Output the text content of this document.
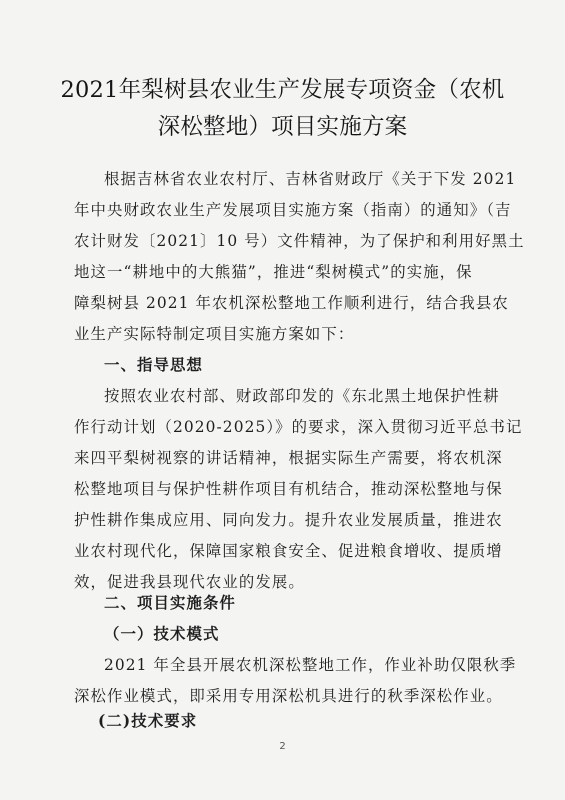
2021年梨树县农业生产发展专项资金（农机
深松整地）项目实施方案

根据吉林省农业农村厅、吉林省财政厅《关于下发 2021
年中央财政农业生产发展项目实施方案（指南）的通知》（吉
农计财发〔2021〕10 号）文件精神，为了保护和利用好黑土
地这一“耕地中的大熊猫”，推进“梨树模式”的实施，保
障梨树县 2021 年农机深松整地工作顺利进行，结合我县农
业生产实际特制定项目实施方案如下：

一、指导思想

按照农业农村部、财政部印发的《东北黑土地保护性耕
作行动计划（2020-2025）》的要求，深入贯彻习近平总书记
来四平梨树视察的讲话精神，根据实际生产需要，将农机深
松整地项目与保护性耕作项目有机结合，推动深松整地与保
护性耕作集成应用、同向发力。提升农业发展质量，推进农
业农村现代化，保障国家粮食安全、促进粮食增收、提质增
效，促进我县现代农业的发展。

二、项目实施条件
（一）技术模式

2021 年全县开展农机深松整地工作，作业补助仅限秋季
深松作业模式，即采用专用深松机具进行的秋季深松作业。

(二)技术要求
2
